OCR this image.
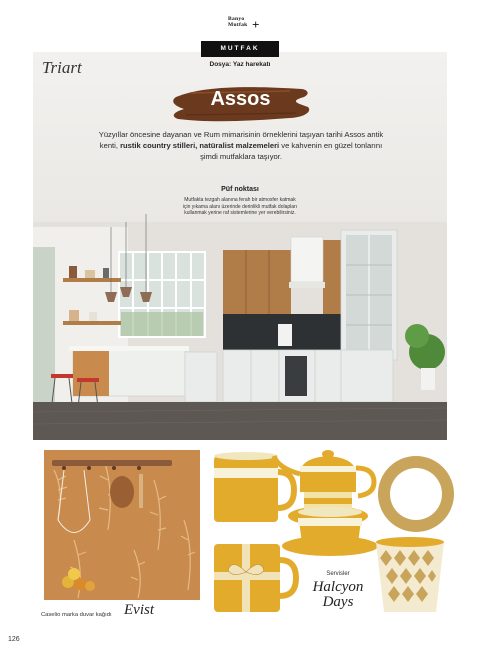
Banyo
Mutfak +
MUTFAK
Dosya: Yaz harekatı
Triart
Assos
Yüzyıllar öncesine dayanan ve Rum mimarisinin örneklerini taşıyan tarihi Assos antik kenti, rustik country stilleri, natüralist malzemeleri ve kahvenin en güzel tonlarını şimdi mutfaklara taşıyor.
Püf noktası
Mutfakta tezgah alanına ferah bir atmosfer katmak için yıkama alanı üzerinde derinlikli mutfak dolapları kullanmak yerine raf sistemlerine yer verebilirsiniz.
Caselio marka duvar kağıdı Evist
Servisler
Halcyon
Days
126
